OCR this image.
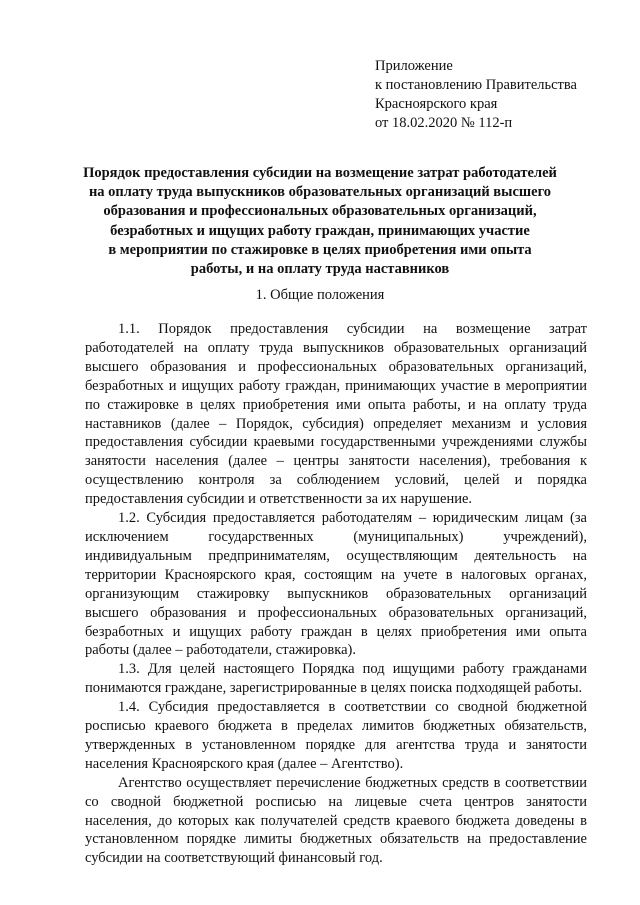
Приложение
к постановлению Правительства
Красноярского края
от 18.02.2020 № 112-п
Порядок предоставления субсидии на возмещение затрат работодателей
на оплату труда выпускников образовательных организаций высшего
образования и профессиональных образовательных организаций,
безработных и ищущих работу граждан, принимающих участие
в мероприятии по стажировке в целях приобретения ими опыта
работы, и на оплату труда наставников
1. Общие положения

1.1. Порядок предоставления субсидии на возмещение затрат работодателей на оплату труда выпускников образовательных организаций высшего образования и профессиональных образовательных организаций, безработных и ищущих работу граждан, принимающих участие в мероприятии по стажировке в целях приобретения ими опыта работы, и на оплату труда наставников (далее – Порядок, субсидия) определяет механизм и условия предоставления субсидии краевыми государственными учреждениями службы занятости населения (далее – центры занятости населения), требования к осуществлению контроля за соблюдением условий, целей и порядка предоставления субсидии и ответственности за их нарушение.

1.2. Субсидия предоставляется работодателям – юридическим лицам (за исключением государственных (муниципальных) учреждений), индивидуальным предпринимателям, осуществляющим деятельность на территории Красноярского края, состоящим на учете в налоговых органах, организующим стажировку выпускников образовательных организаций высшего образования и профессиональных образовательных организаций, безработных и ищущих работу граждан в целях приобретения ими опыта работы (далее – работодатели, стажировка).

1.3. Для целей настоящего Порядка под ищущими работу гражданами понимаются граждане, зарегистрированные в целях поиска подходящей работы.

1.4. Субсидия предоставляется в соответствии со сводной бюджетной росписью краевого бюджета в пределах лимитов бюджетных обязательств, утвержденных в установленном порядке для агентства труда и занятости населения Красноярского края (далее – Агентство).

Агентство осуществляет перечисление бюджетных средств в соответствии со сводной бюджетной росписью на лицевые счета центров занятости населения, до которых как получателей средств краевого бюджета доведены в установленном порядке лимиты бюджетных обязательств на предоставление субсидии на соответствующий финансовый год.
